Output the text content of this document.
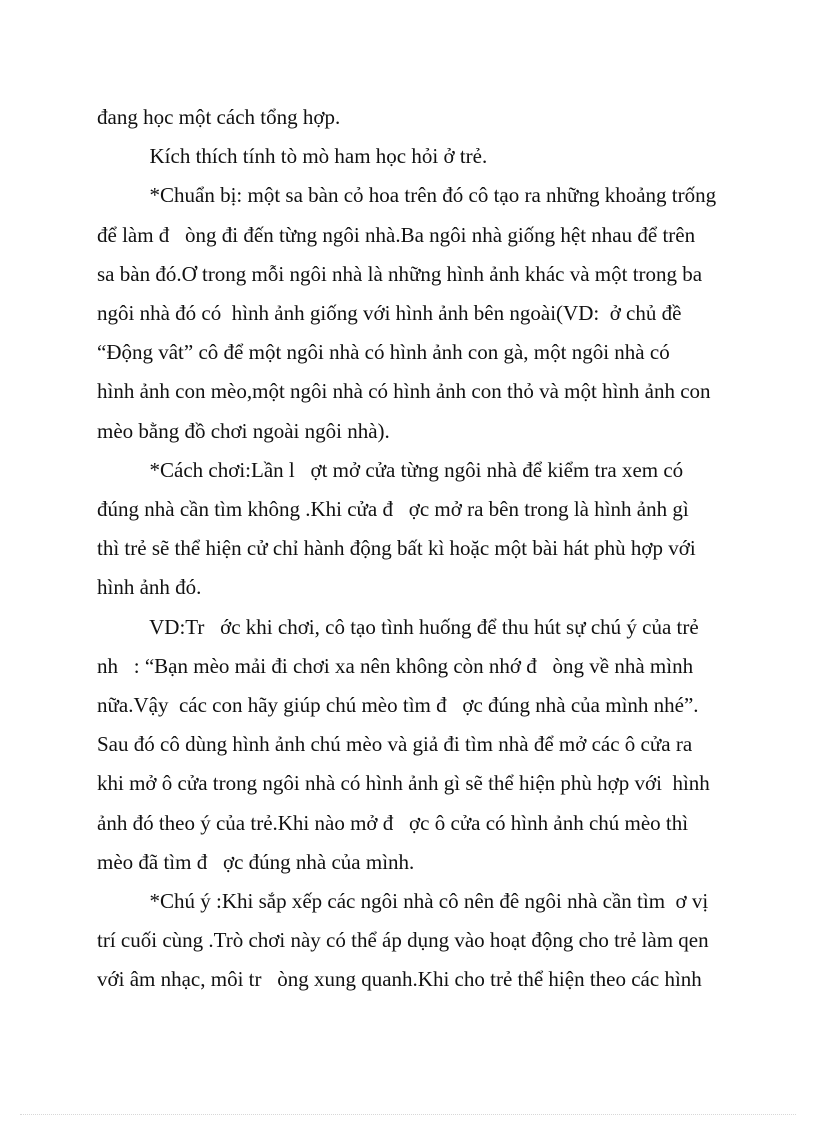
đang học một cách tổng hợp.
Kích thích tính tò mò ham học hỏi ở trẻ.
*Chuẩn bị: một sa bàn cỏ hoa trên đó cô tạo ra những khoảng trống
để làm đ   òng đi đến từng ngôi nhà.Ba ngôi nhà giống hệt nhau để trên
sa bàn đó.Ơ trong mỗi ngôi nhà là những hình ảnh khác và một trong ba
ngôi nhà đó có  hình ảnh giống với hình ảnh bên ngoài(VD:  ở chủ đề
“Động vât” cô để một ngôi nhà có hình ảnh con gà, một ngôi nhà có
hình ảnh con mèo,một ngôi nhà có hình ảnh con thỏ và một hình ảnh con
mèo bằng đồ chơi ngoài ngôi nhà).
*Cách chơi:Lần l   ợt mở cửa từng ngôi nhà để kiểm tra xem có
đúng nhà cần tìm không .Khi cửa đ   ợc mở ra bên trong là hình ảnh gì
thì trẻ sẽ thể hiện cử chỉ hành động bất kì hoặc một bài hát phù hợp với
hình ảnh đó.
VD:Tr   ớc khi chơi, cô tạo tình huống để thu hút sự chú ý của trẻ
nh   : “Bạn mèo mải đi chơi xa nên không còn nhớ đ   òng về nhà mình
nữa.Vậy  các con hãy giúp chú mèo tìm đ   ợc đúng nhà của mình nhé”.
Sau đó cô dùng hình ảnh chú mèo và giả đi tìm nhà để mở các ô cửa ra
khi mở ô cửa trong ngôi nhà có hình ảnh gì sẽ thể hiện phù hợp với  hình
ảnh đó theo ý của trẻ.Khi nào mở đ   ợc ô cửa có hình ảnh chú mèo thì
mèo đã tìm đ   ợc đúng nhà của mình.
*Chú ý :Khi sắp xếp các ngôi nhà cô nên đê ngôi nhà cần tìm  ơ vị
trí cuối cùng .Trò chơi này có thể áp dụng vào hoạt động cho trẻ làm qen
với âm nhạc, môi tr   òng xung quanh.Khi cho trẻ thể hiện theo các hình
